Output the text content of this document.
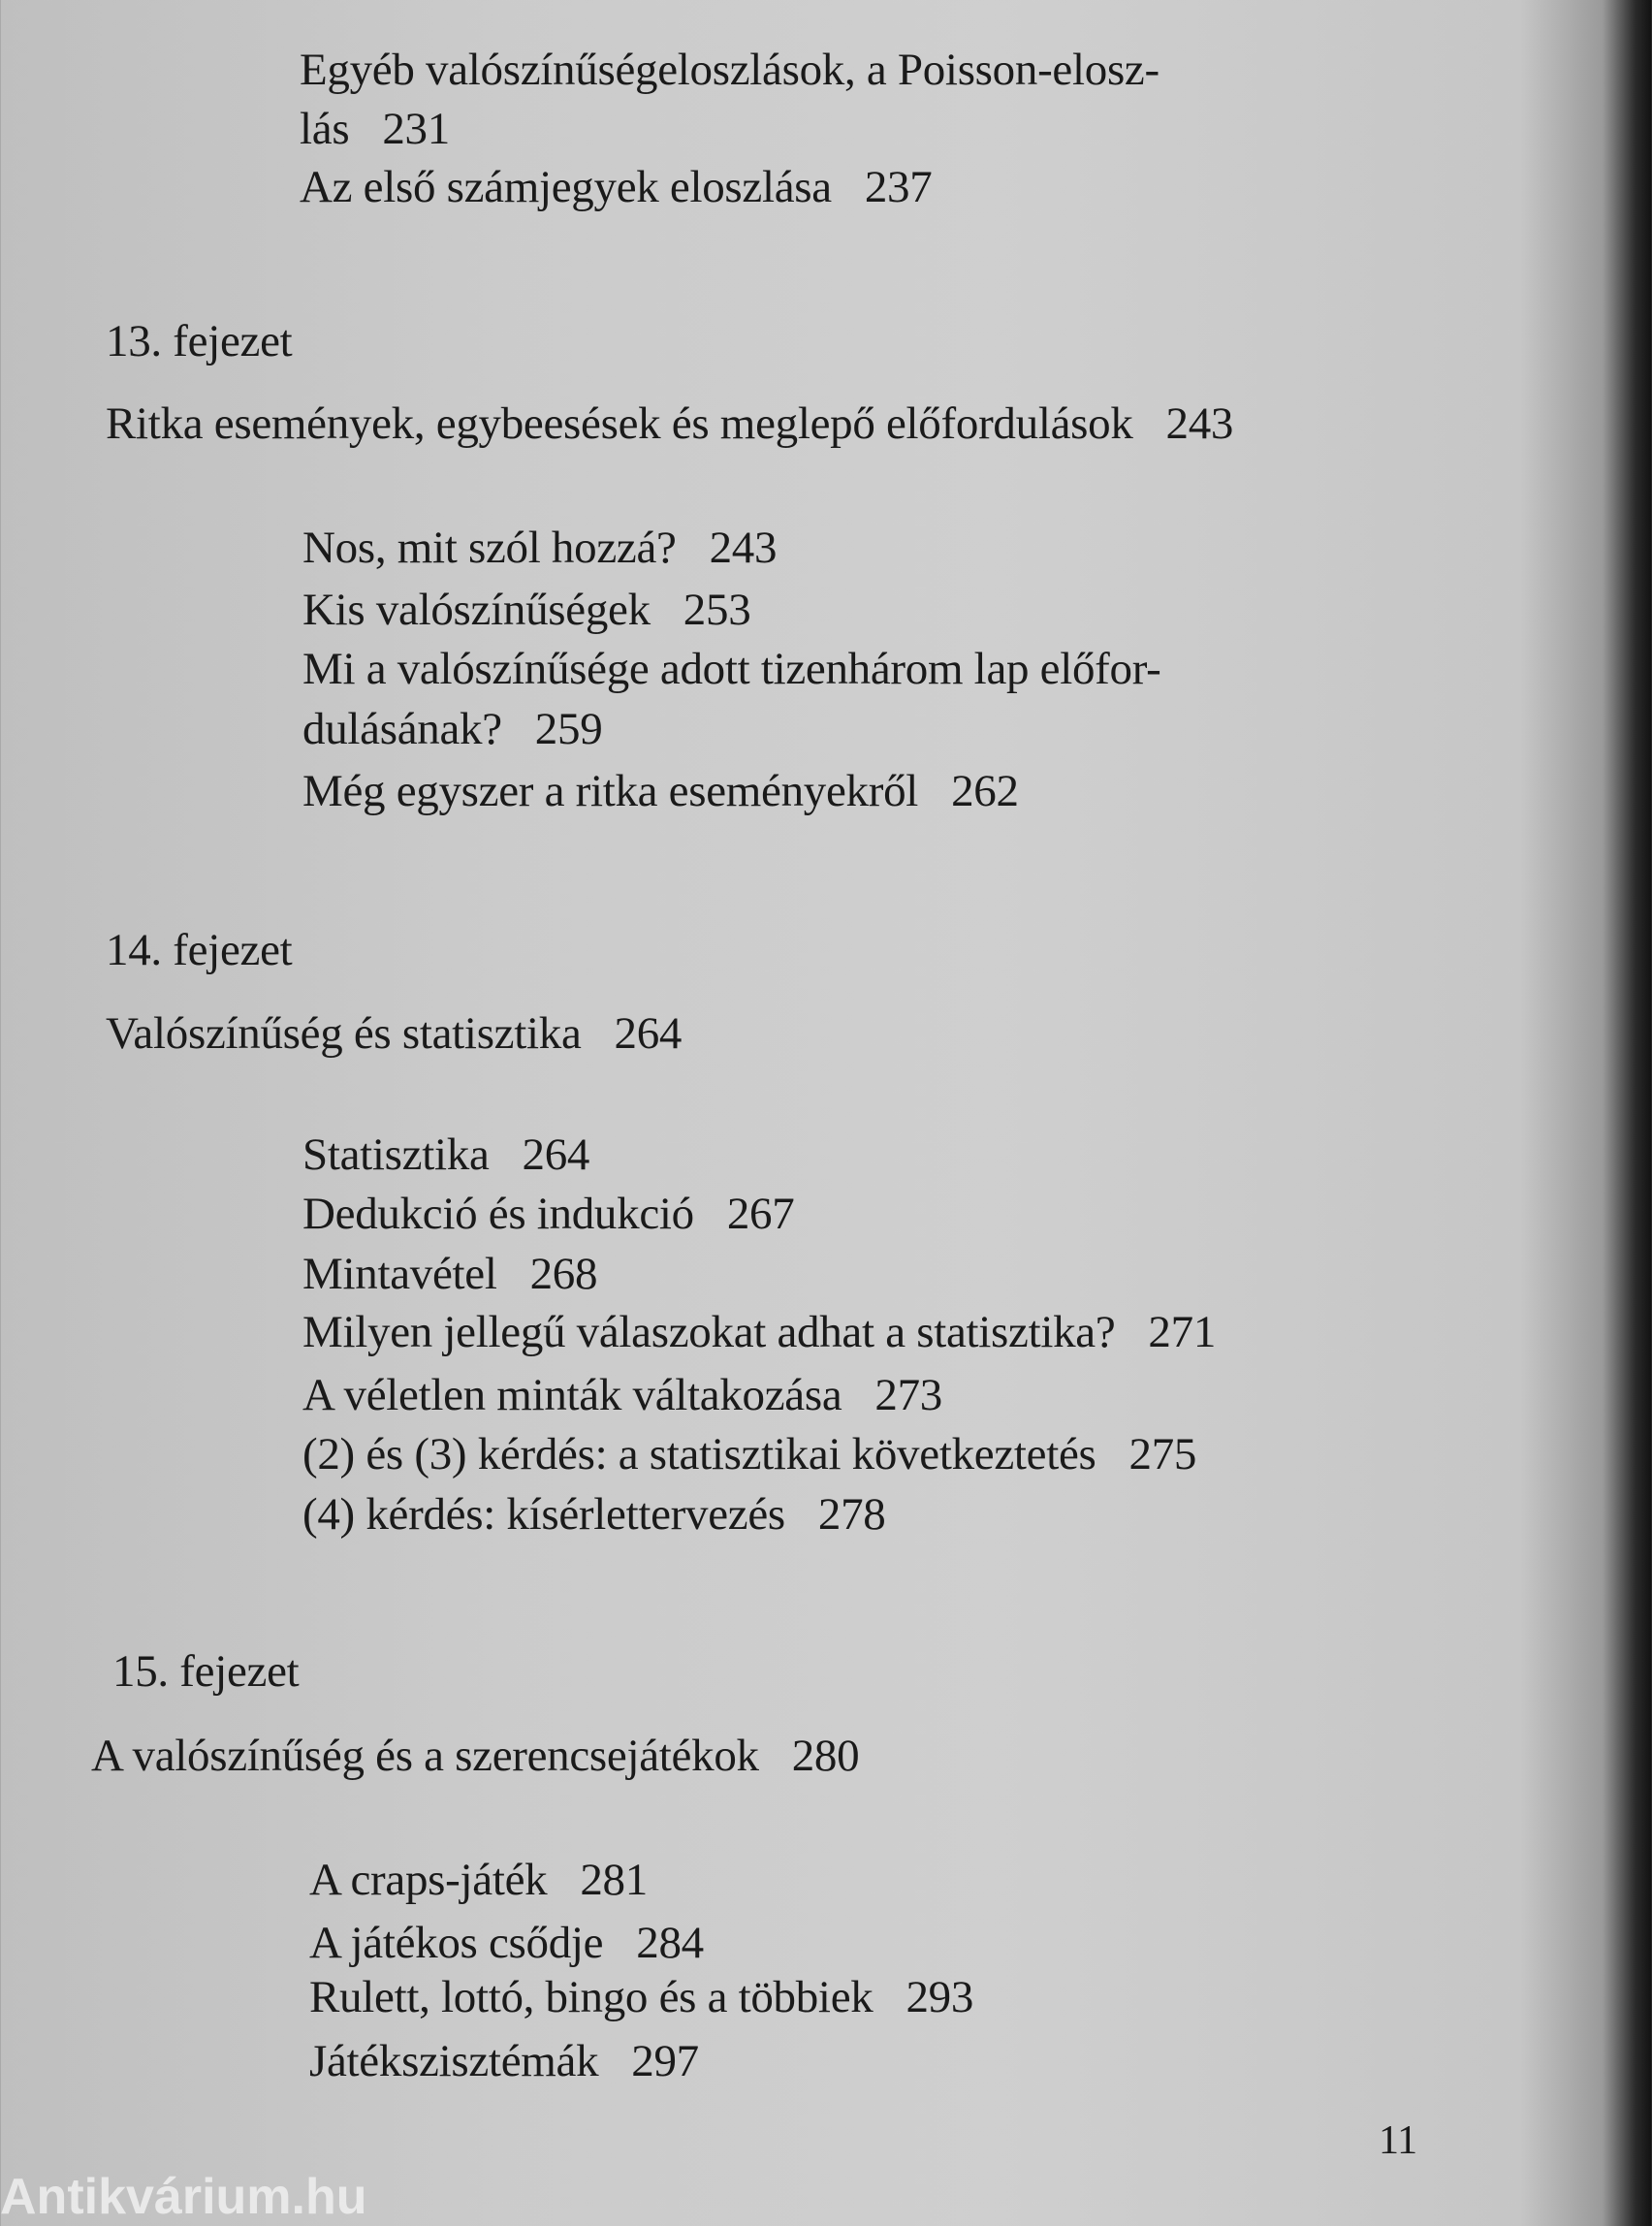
Egyéb valószínűségeloszlások, a Poisson-elosz-
lás 231
Az első számjegyek eloszlása 237
13. fejezet
Ritka események, egybeesések és meglepő előfordulások 243
Nos, mit szól hozzá? 243
Kis valószínűségek 253
Mi a valószínűsége adott tizenhárom lap előfor-
dulásának? 259
Még egyszer a ritka eseményekről 262
14. fejezet
Valószínűség és statisztika 264
Statisztika 264
Dedukció és indukció 267
Mintavétel 268
Milyen jellegű válaszokat adhat a statisztika? 271
A véletlen minták váltakozása 273
(2) és (3) kérdés: a statisztikai következtetés 275
(4) kérdés: kísérlettervezés 278
15. fejezet
A valószínűség és a szerencsejátékok 280
A craps-játék 281
A játékos csődje 284
Rulett, lottó, bingo és a többiek 293
Játékszisztémák 297
11
Antikvárium.hu
